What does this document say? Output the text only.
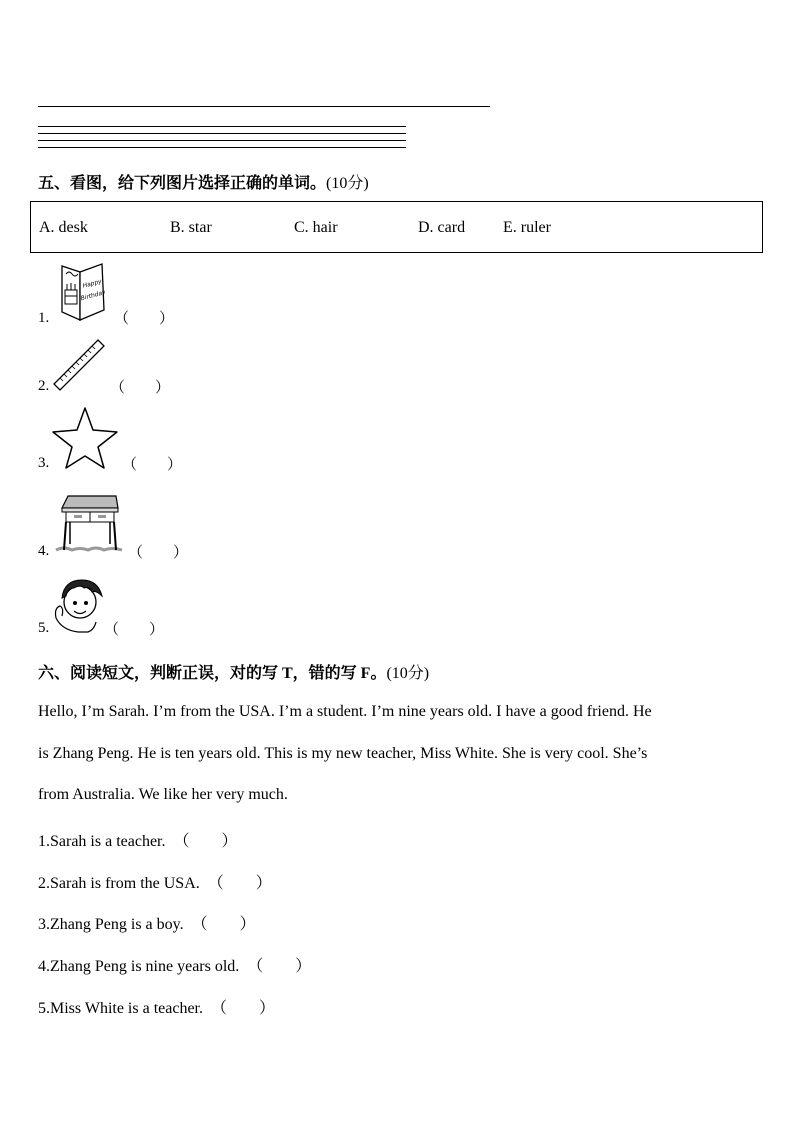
五、看图，给下列图片选择正确的单词。(10分)
A. desk	B. star	C. hair	D. card E. ruler
Happy
Birthday
1.	（        ）
2.	（        ）
3.	（        ）
4.	（        ）
5.	（        ）
六、阅读短文，判断正误，对的写 T，错的写 F。(10分)
Hello, I’m Sarah. I’m from the USA. I’m a student. I’m nine years old. I have a good friend. He
is Zhang Peng. He is ten years old. This is my new teacher, Miss White. She is very cool. She’s
from Australia. We like her very much.
1.Sarah is a teacher.  （        ）
2.Sarah is from the USA.  （        ）
3.Zhang Peng is a boy.  （        ）
4.Zhang Peng is nine years old.  （        ）
5.Miss White is a teacher.  （        ）
